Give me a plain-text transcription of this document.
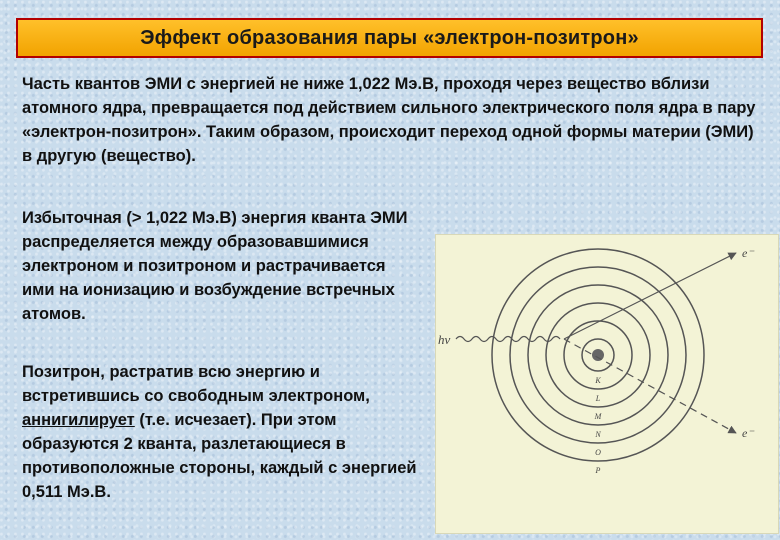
Эффект образования пары «электрон-позитрон»

Часть квантов ЭМИ с энергией не ниже 1,022 Мэ.В, проходя через вещество вблизи атомного ядра, превращается под действием сильного электрического поля ядра в пару «электрон-позитрон». Таким образом, происходит переход одной формы материи (ЭМИ) в другую (вещество).

Избыточная (> 1,022 Мэ.В) энергия кванта ЭМИ распределяется между образовавшимися электроном и позитроном и растрачивается ими на ионизацию и возбуждение встречных атомов.

Позитрон, растратив всю энергию и встретившись со свободным электроном, аннигилирует (т.е. исчезает). При этом образуются 2 кванта, разлетающиеся в противоположные стороны, каждый с энергией 0,511 Мэ.В.

hν
e⁻
e⁻
K
L
M
N
O
P
